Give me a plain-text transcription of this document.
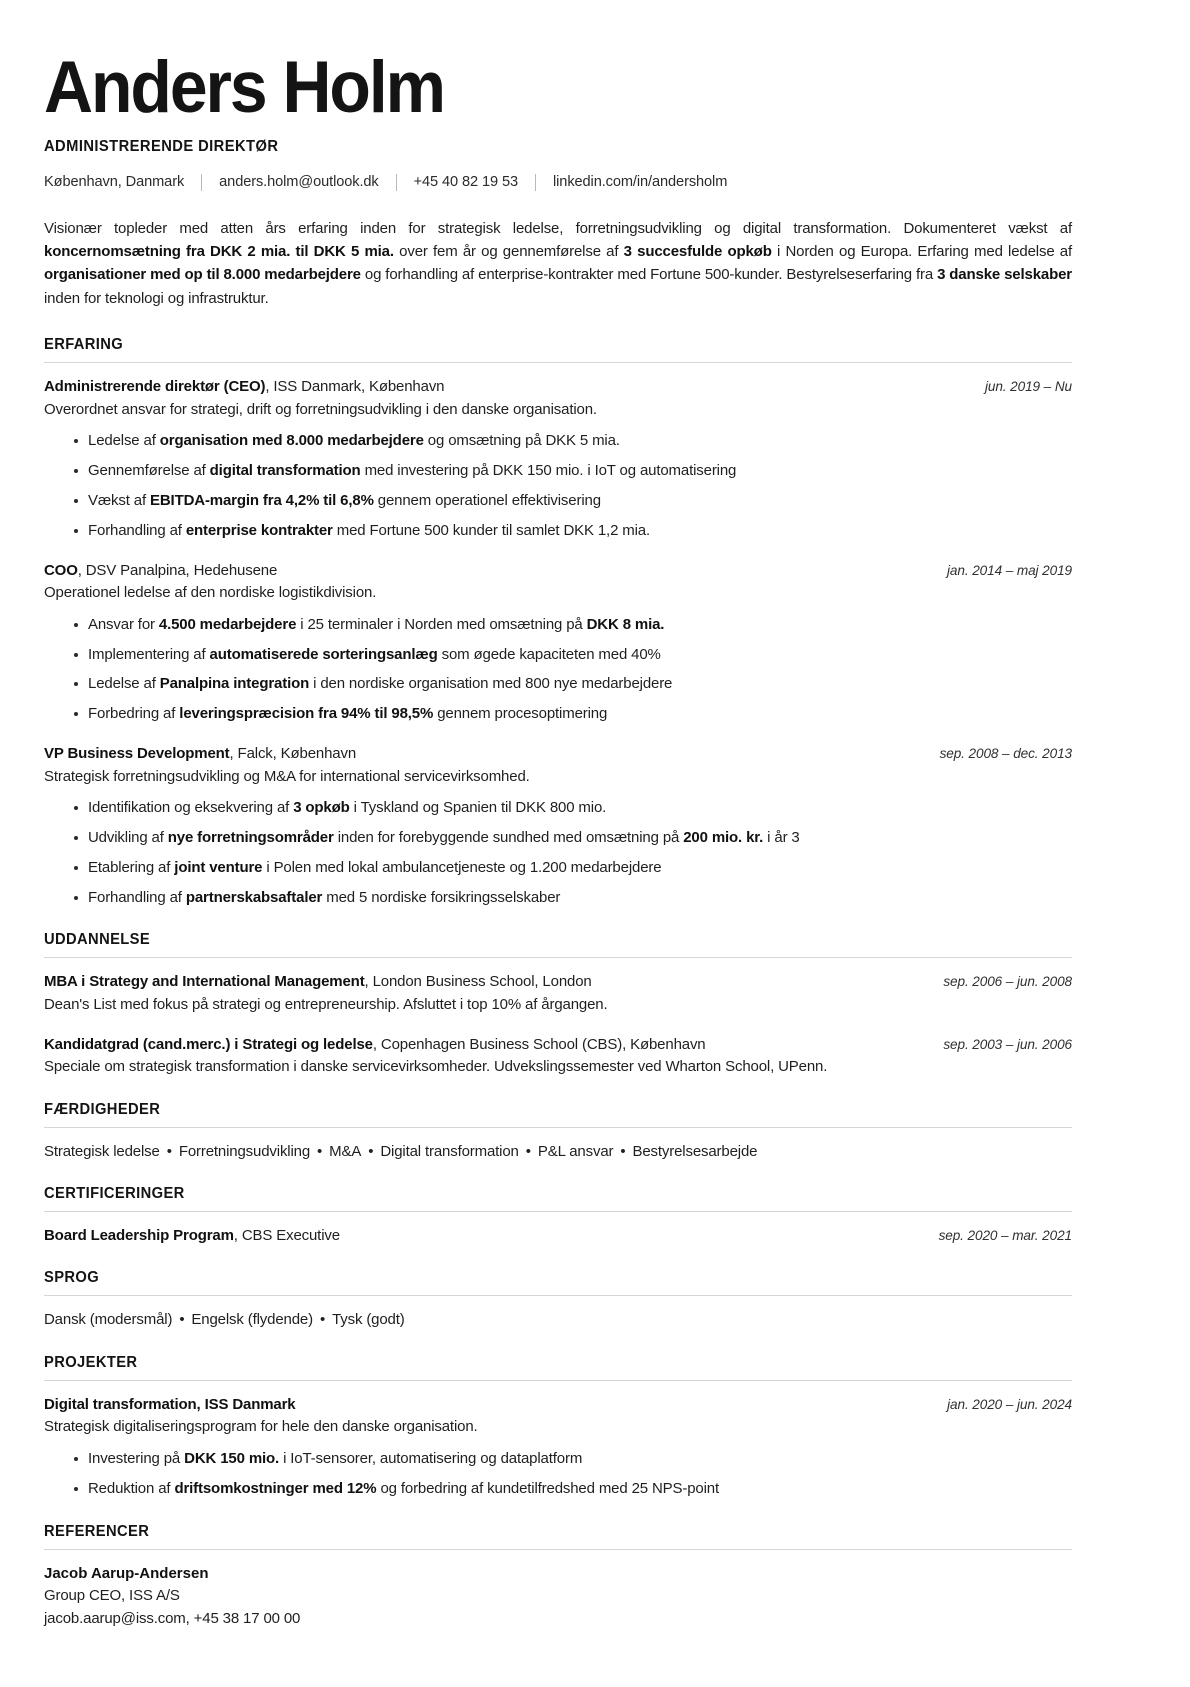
Anders Holm
ADMINISTRERENDE DIREKTØR
København, Danmark anders.holm@outlook.dk +45 40 82 19 53 linkedin.com/in/andersholm

Visionær topleder med atten års erfaring inden for strategisk ledelse, forretningsudvikling og digital transformation. Dokumenteret vækst af koncernomsætning fra DKK 2 mia. til DKK 5 mia. over fem år og gennemførelse af 3 succesfulde opkøb i Norden og Europa. Erfaring med ledelse af organisationer med op til 8.000 medarbejdere og forhandling af enterprise-kontrakter med Fortune 500-kunder. Bestyrelseserfaring fra 3 danske selskaber inden for teknologi og infrastruktur.

ERFARING
Administrerende direktør (CEO), ISS Danmark, København	jun. 2019 – Nu
Overordnet ansvar for strategi, drift og forretningsudvikling i den danske organisation.
Ledelse af organisation med 8.000 medarbejdere og omsætning på DKK 5 mia.
Gennemførelse af digital transformation med investering på DKK 150 mio. i IoT og automatisering
Vækst af EBITDA-margin fra 4,2% til 6,8% gennem operationel effektivisering
Forhandling af enterprise kontrakter med Fortune 500 kunder til samlet DKK 1,2 mia.
COO, DSV Panalpina, Hedehusene	jan. 2014 – maj 2019
Operationel ledelse af den nordiske logistikdivision.
Ansvar for 4.500 medarbejdere i 25 terminaler i Norden med omsætning på DKK 8 mia.
Implementering af automatiserede sorteringsanlæg som øgede kapaciteten med 40%
Ledelse af Panalpina integration i den nordiske organisation med 800 nye medarbejdere
Forbedring af leveringspræcision fra 94% til 98,5% gennem procesoptimering
VP Business Development, Falck, København	sep. 2008 – dec. 2013
Strategisk forretningsudvikling og M&A for international servicevirksomhed.
Identifikation og eksekvering af 3 opkøb i Tyskland og Spanien til DKK 800 mio.
Udvikling af nye forretningsområder inden for forebyggende sundhed med omsætning på 200 mio. kr. i år 3
Etablering af joint venture i Polen med lokal ambulancetjeneste og 1.200 medarbejdere
Forhandling af partnerskabsaftaler med 5 nordiske forsikringsselskaber
UDDANNELSE
MBA i Strategy and International Management, London Business School, London	sep. 2006 – jun. 2008
Dean's List med fokus på strategi og entrepreneurship. Afsluttet i top 10% af årgangen.
Kandidatgrad (cand.merc.) i Strategi og ledelse, Copenhagen Business School (CBS), København	sep. 2003 – jun. 2006
Speciale om strategisk transformation i danske servicevirksomheder. Udvekslingssemester ved Wharton School, UPenn.
FÆRDIGHEDER
Strategisk ledelse • Forretningsudvikling • M&A • Digital transformation • P&L ansvar • Bestyrelsesarbejde
CERTIFICERINGER
Board Leadership Program, CBS Executive	sep. 2020 – mar. 2021
SPROG
Dansk (modersmål) • Engelsk (flydende) • Tysk (godt)
PROJEKTER
Digital transformation, ISS Danmark	jan. 2020 – jun. 2024
Strategisk digitaliseringsprogram for hele den danske organisation.
Investering på DKK 150 mio. i IoT-sensorer, automatisering og dataplatform
Reduktion af driftsomkostninger med 12% og forbedring af kundetilfredshed med 25 NPS-point
REFERENCER
Jacob Aarup-Andersen
Group CEO, ISS A/S
jacob.aarup@iss.com, +45 38 17 00 00
